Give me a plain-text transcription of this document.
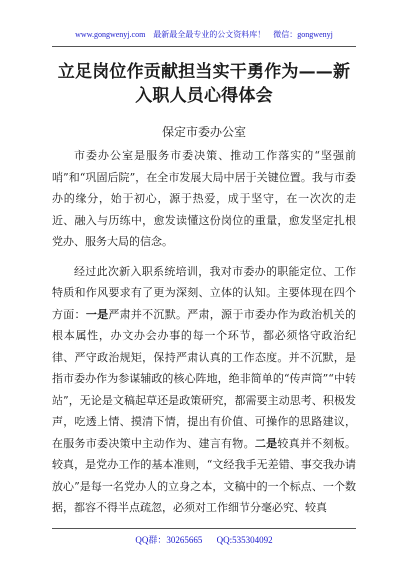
www.gongwenyj.com　最新最全最专业的公文资料库！　微信：gongwenyj
立足岗位作贡献担当实干勇作为——新入职人员心得体会
保定市委办公室

市委办公室是服务市委决策、推动工作落实的“坚强前哨”和“巩固后院”，在全市发展大局中居于关键位置。我与市委办的缘分，始于初心，源于热爱，成于坚守，在一次次的走近、融入与历练中，愈发读懂这份岗位的重量，愈发坚定扎根党办、服务大局的信念。

经过此次新入职系统培训，我对市委办的职能定位、工作特质和作风要求有了更为深刻、立体的认知。主要体现在四个方面：一是严肃并不沉默。严肃，源于市委办作为政治机关的根本属性，办文办会办事的每一个环节，都必须恪守政治纪律、严守政治规矩，保持严肃认真的工作态度。并不沉默，是指市委办作为参谋辅政的核心阵地，绝非简单的“传声筒”“中转站”，无论是文稿起草还是政策研究，都需要主动思考、积极发声，吃透上情、摸清下情，提出有价值、可操作的思路建议，在服务市委决策中主动作为、建言有物。二是较真并不刻板。较真，是党办工作的基本准则，“文经我手无差错、事交我办请放心”是每一名党办人的立身之本，文稿中的一个标点、一个数据，都容不得半点疏忽，必须对工作细节分毫必究、较真

QQ群：30265665 QQ:535304092
